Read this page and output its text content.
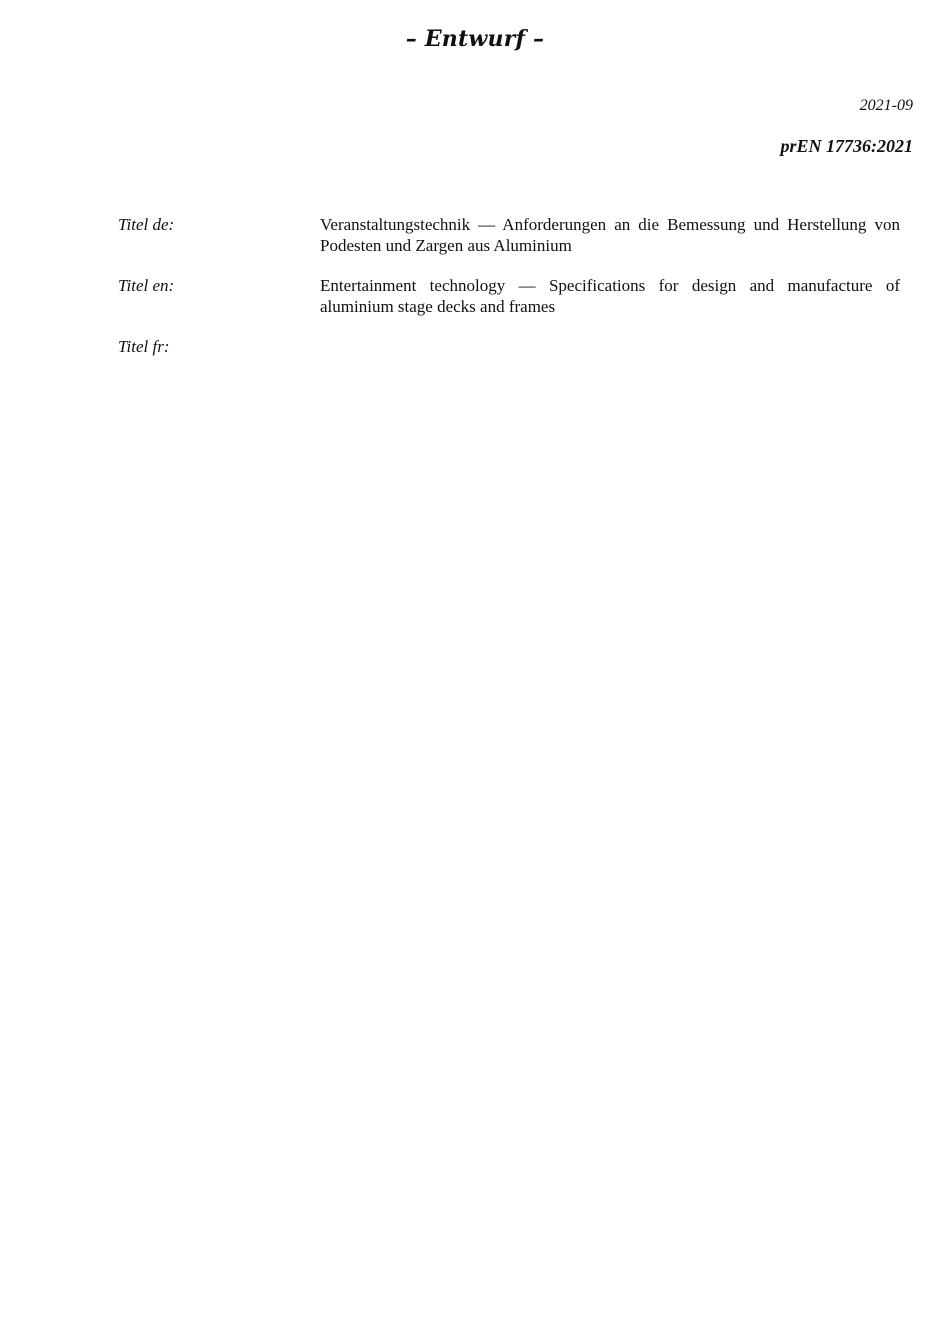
– Entwurf –
2021-09
prEN 17736:2021
Titel de:	Veranstaltungstechnik — Anforderungen an die Bemessung und Herstellung von Podesten und Zargen aus Aluminium
Titel en:	Entertainment technology — Specifications for design and manufacture of aluminium stage decks and frames
Titel fr:
